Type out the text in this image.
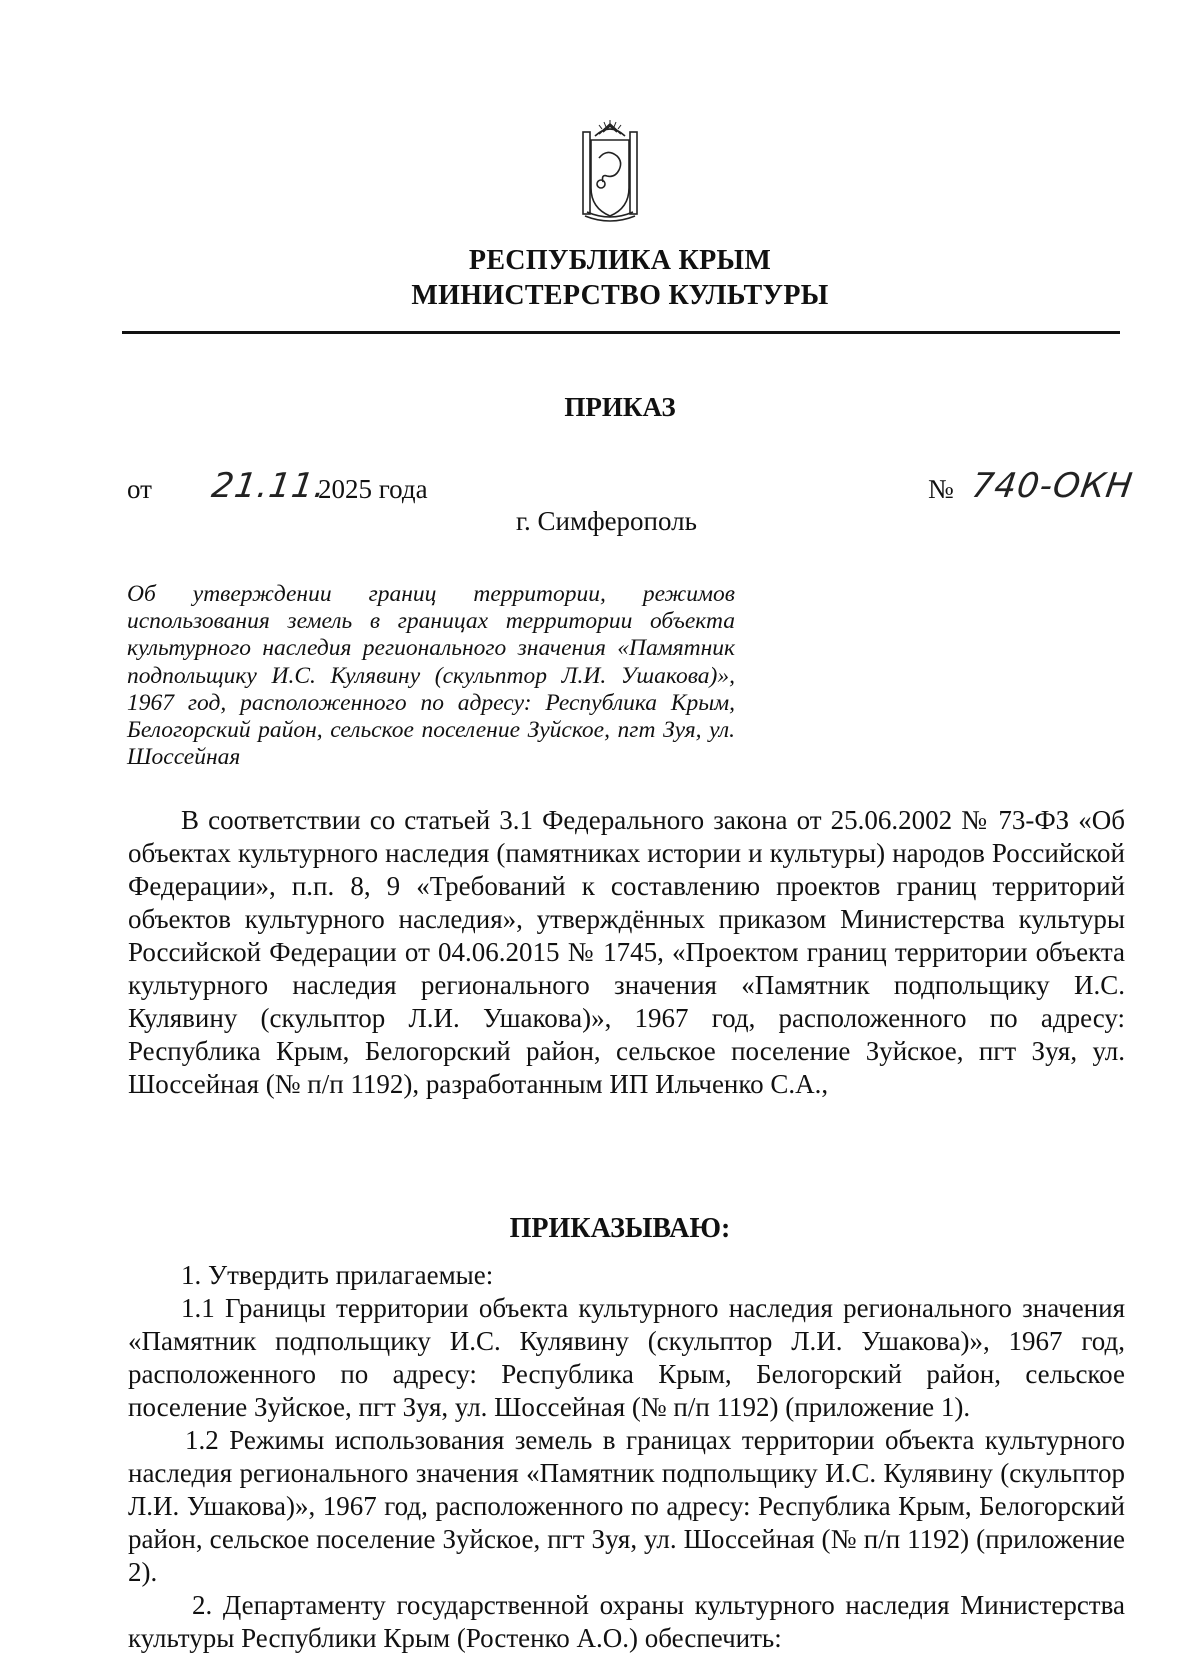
РЕСПУБЛИКА КРЫМ
МИНИСТЕРСТВО КУЛЬТУРЫ
ПРИКАЗ
от 21.11.
2025 года	№ 740-ОКН
г. Симферополь
Об утверждении границ территории, режимов использования земель в границах территории объекта культурного наследия регионального значения «Памятник подпольщику И.С. Кулявину (скульптор Л.И. Ушакова)», 1967 год, расположенного по адресу: Республика Крым, Белогорский район, сельское поселение Зуйское, пгт Зуя, ул. Шоссейная

В соответствии со статьей 3.1 Федерального закона от 25.06.2002 № 73-ФЗ «Об объектах культурного наследия (памятниках истории и культуры) народов Российской Федерации», п.п. 8, 9 «Требований к составлению проектов границ территорий объектов культурного наследия», утверждённых приказом Министерства культуры Российской Федерации от 04.06.2015 № 1745, «Проектом границ территории объекта культурного наследия регионального значения «Памятник подпольщику И.С. Кулявину (скульптор Л.И. Ушакова)», 1967 год, расположенного по адресу: Республика Крым, Белогорский район, сельское поселение Зуйское, пгт Зуя, ул. Шоссейная (№ п/п 1192), разработанным ИП Ильченко С.А.,

ПРИКАЗЫВАЮ:

1. Утвердить прилагаемые:

1.1 Границы территории объекта культурного наследия регионального значения «Памятник подпольщику И.С. Кулявину (скульптор Л.И. Ушакова)», 1967 год, расположенного по адресу: Республика Крым, Белогорский район, сельское поселение Зуйское, пгт Зуя, ул. Шоссейная (№ п/п 1192) (приложение 1).

1.2 Режимы использования земель в границах территории объекта культурного наследия регионального значения «Памятник подпольщику И.С. Кулявину (скульптор Л.И. Ушакова)», 1967 год, расположенного по адресу: Республика Крым, Белогорский район, сельское поселение Зуйское, пгт Зуя, ул. Шоссейная (№ п/п 1192) (приложение 2).

2. Департаменту государственной охраны культурного наследия Министерства культуры Республики Крым (Ростенко А.О.) обеспечить:
